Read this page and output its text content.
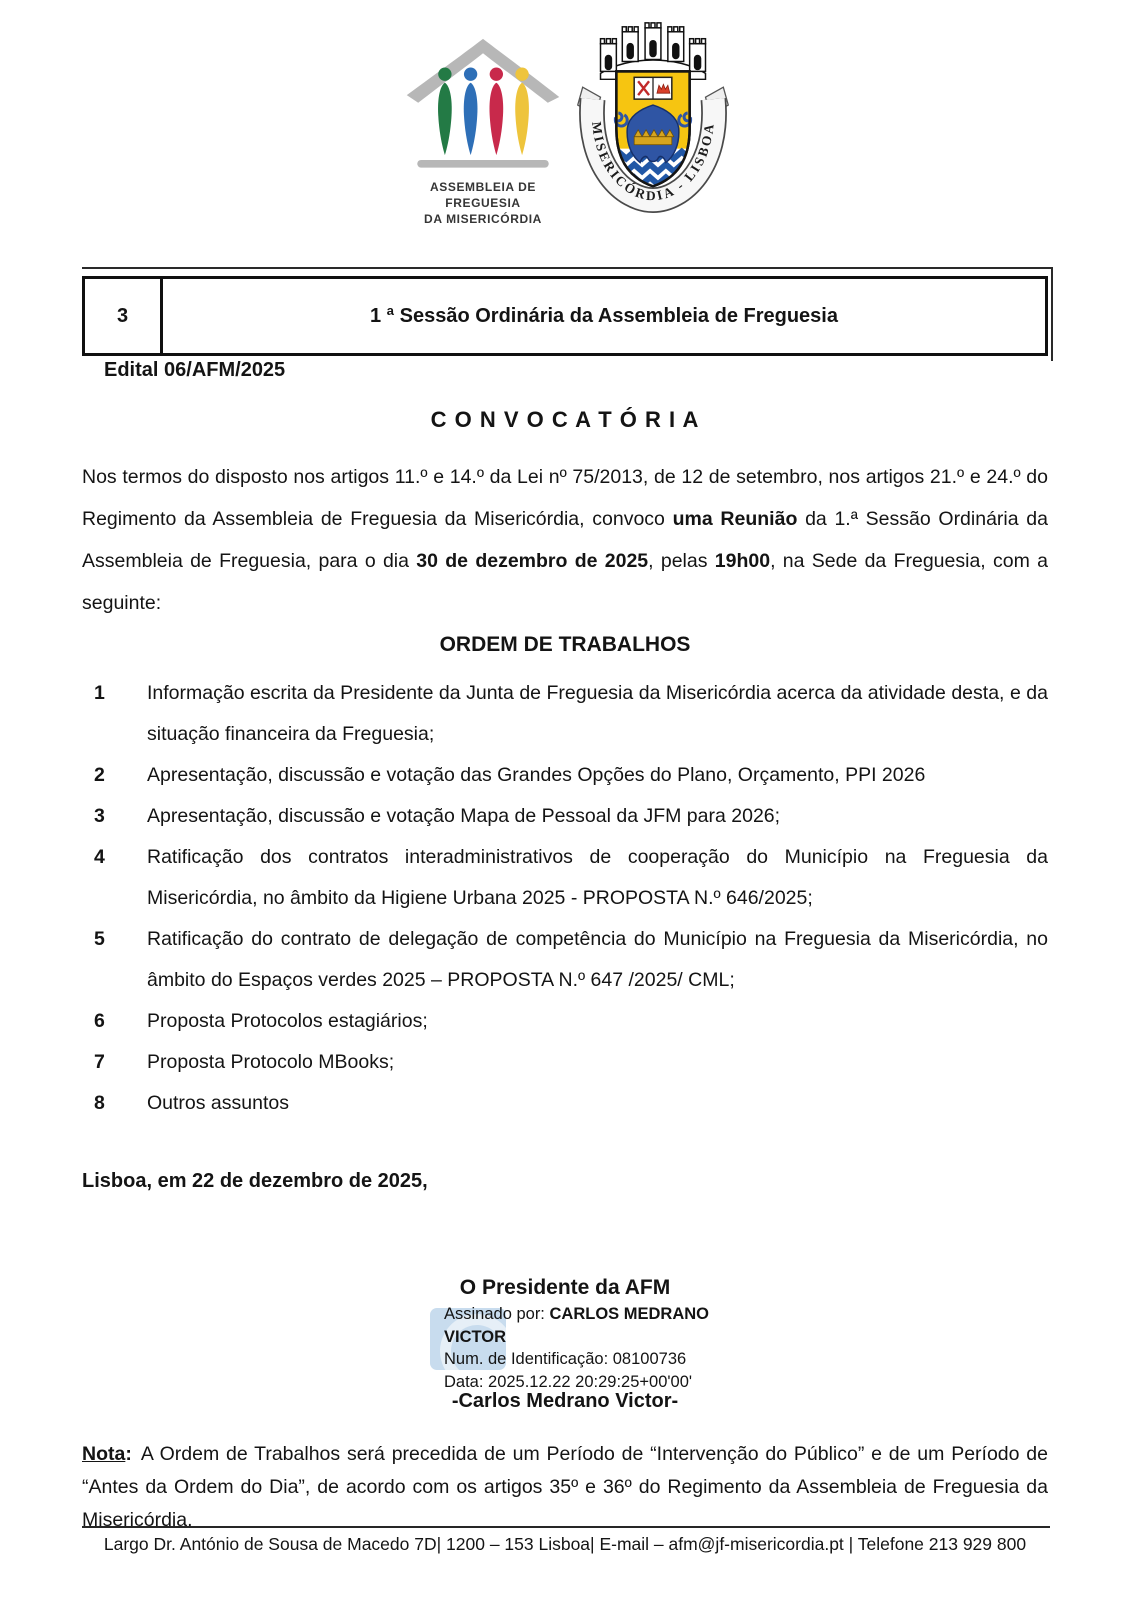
ASSEMBLEIA DE FREGUESIA
DA MISERICÓRDIA
MISERICÓRDIA - LISBOA
3	1 ª Sessão Ordinária da Assembleia de Freguesia
Edital 06/AFM/2025
C O N V O C A T Ó R I A
Nos termos do disposto nos artigos 11.º e 14.º da Lei nº 75/2013, de 12 de setembro, nos artigos 21.º e 24.º do Regimento da Assembleia de Freguesia da Misericórdia, convoco uma Reunião da 1.ª Sessão Ordinária da Assembleia de Freguesia, para o dia 30 de dezembro de 2025, pelas 19h00, na Sede da Freguesia, com a seguinte:
ORDEM DE TRABALHOS
1 Informação escrita da Presidente da Junta de Freguesia da Misericórdia acerca da atividade desta, e da situação financeira da Freguesia;
2 Apresentação, discussão e votação das Grandes Opções do Plano, Orçamento, PPI 2026
3 Apresentação, discussão e votação Mapa de Pessoal da JFM para 2026;
4 Ratificação dos contratos interadministrativos de cooperação do Município na Freguesia da Misericórdia, no âmbito da Higiene Urbana 2025 - PROPOSTA N.º 646/2025;
5 Ratificação do contrato de delegação de competência do Município na Freguesia da Misericórdia, no âmbito do Espaços verdes 2025 – PROPOSTA N.º 647 /2025/ CML;
6 Proposta Protocolos estagiários;
7 Proposta Protocolo MBooks;
8 Outros assuntos
Lisboa, em 22 de dezembro de 2025,
O Presidente da AFM
Assinado por: CARLOS MEDRANO VICTOR
Num. de Identificação: 08100736
Data: 2025.12.22 20:29:25+00'00'
-Carlos Medrano Victor-
Nota: A Ordem de Trabalhos será precedida de um Período de “Intervenção do Público” e de um Período de “Antes da Ordem do Dia”, de acordo com os artigos 35º e 36º do Regimento da Assembleia de Freguesia da Misericórdia.
Largo Dr. António de Sousa de Macedo 7D| 1200 – 153 Lisboa| E-mail – afm@jf-misericordia.pt | Telefone 213 929 800
